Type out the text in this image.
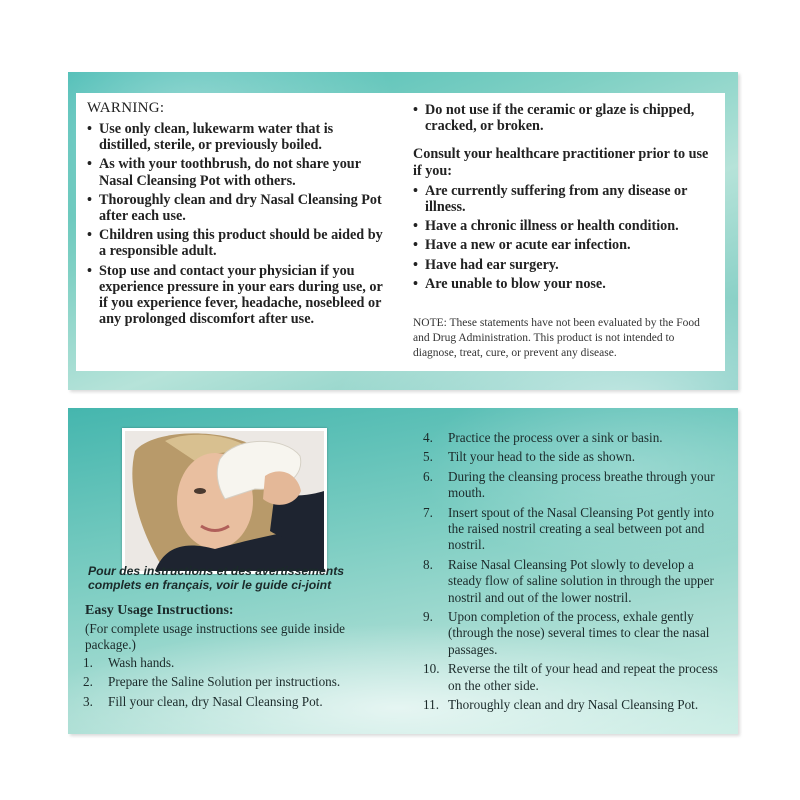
WARNING:
• Use only clean, lukewarm water that is distilled, sterile, or previously boiled.
• As with your toothbrush, do not share your Nasal Cleansing Pot with others.
• Thoroughly clean and dry Nasal Cleansing Pot after each use.
• Children using this product should be aided by a responsible adult.
• Stop use and contact your physician if you experience pressure in your ears during use, or if you experience fever, headache, nosebleed or any prolonged discomfort after use.
• Do not use if the ceramic or glaze is chipped, cracked, or broken.
Consult your healthcare practitioner prior to use if you:
• Are currently suffering from any disease or illness.
• Have a chronic illness or health condition.
• Have a new or acute ear infection.
• Have had ear surgery.
• Are unable to blow your nose.
NOTE: These statements have not been evaluated by the Food and Drug Administration. This product is not intended to diagnose, treat, cure, or prevent any disease.
Pour des instructions et des avertissements complets en français, voir le guide ci-joint
Easy Usage Instructions:
(For complete usage instructions see guide inside package.)
1. Wash hands.
2. Prepare the Saline Solution per instructions.
3. Fill your clean, dry Nasal Cleansing Pot.
4. Practice the process over a sink or basin.
5. Tilt your head to the side as shown.
6. During the cleansing process breathe through your mouth.
7. Insert spout of the Nasal Cleansing Pot gently into the raised nostril creating a seal between pot and nostril.
8. Raise Nasal Cleansing Pot slowly to develop a steady flow of saline solution in through the upper nostril and out of the lower nostril.
9. Upon completion of the process, exhale gently (through the nose) several times to clear the nasal passages.
10. Reverse the tilt of your head and repeat the process on the other side.
11. Thoroughly clean and dry Nasal Cleansing Pot.
